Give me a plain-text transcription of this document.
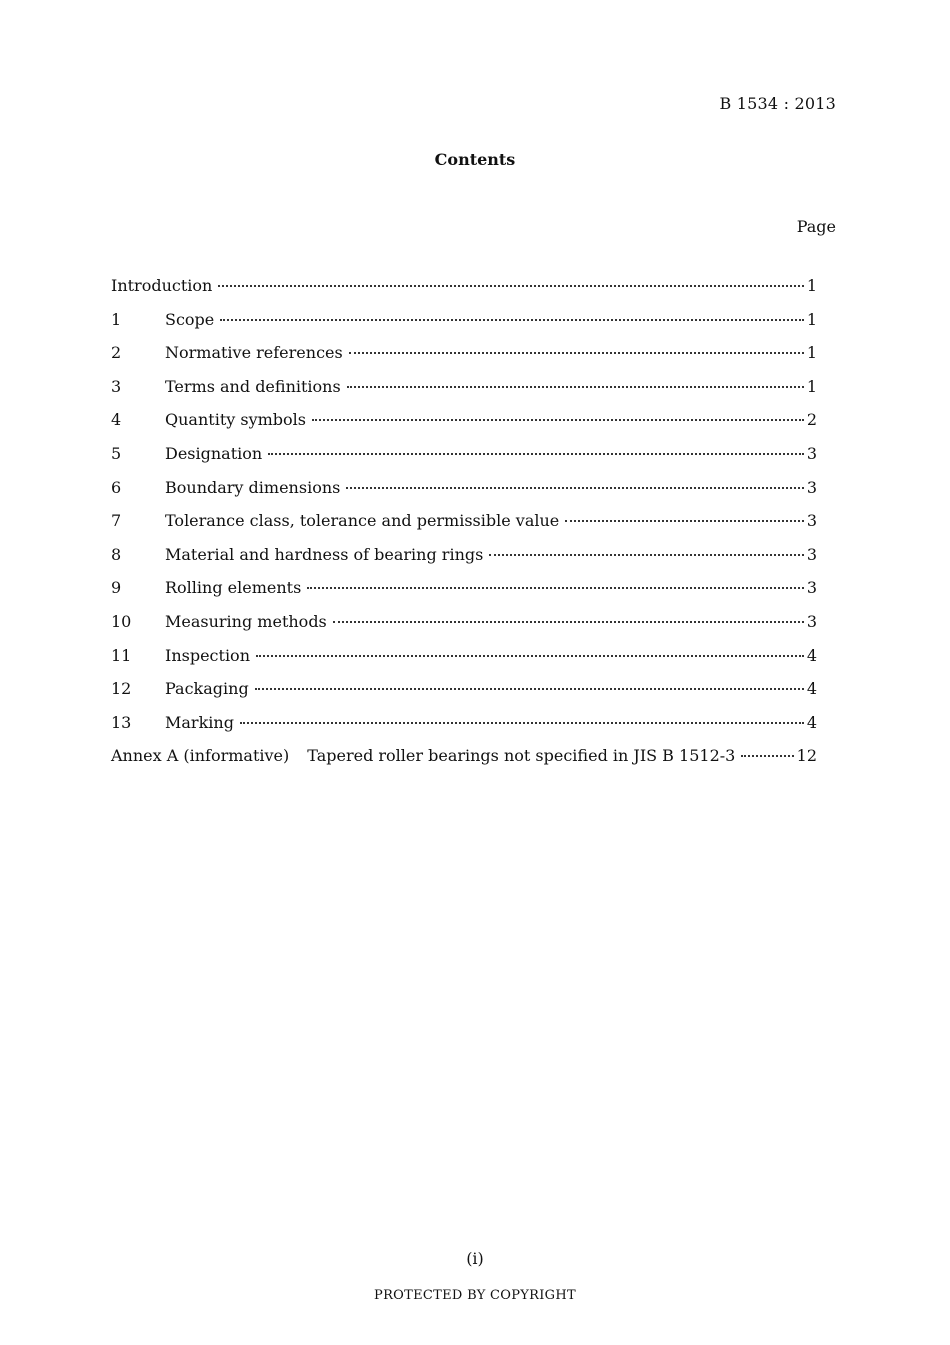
B 1534 : 2013
Contents
Page
Introduction	1
1	Scope	1
2	Normative references	1
3	Terms and definitions	1
4	Quantity symbols	2
5	Designation	3
6	Boundary dimensions	3
7	Tolerance class, tolerance and permissible value	3
8	Material and hardness of bearing rings	3
9	Rolling elements	3
10	Measuring methods	3
11	Inspection	4
12	Packaging	4
13	Marking	4
Annex A (informative) Tapered roller bearings not specified in JIS B 1512-3	12
(i)
PROTECTED BY COPYRIGHT
